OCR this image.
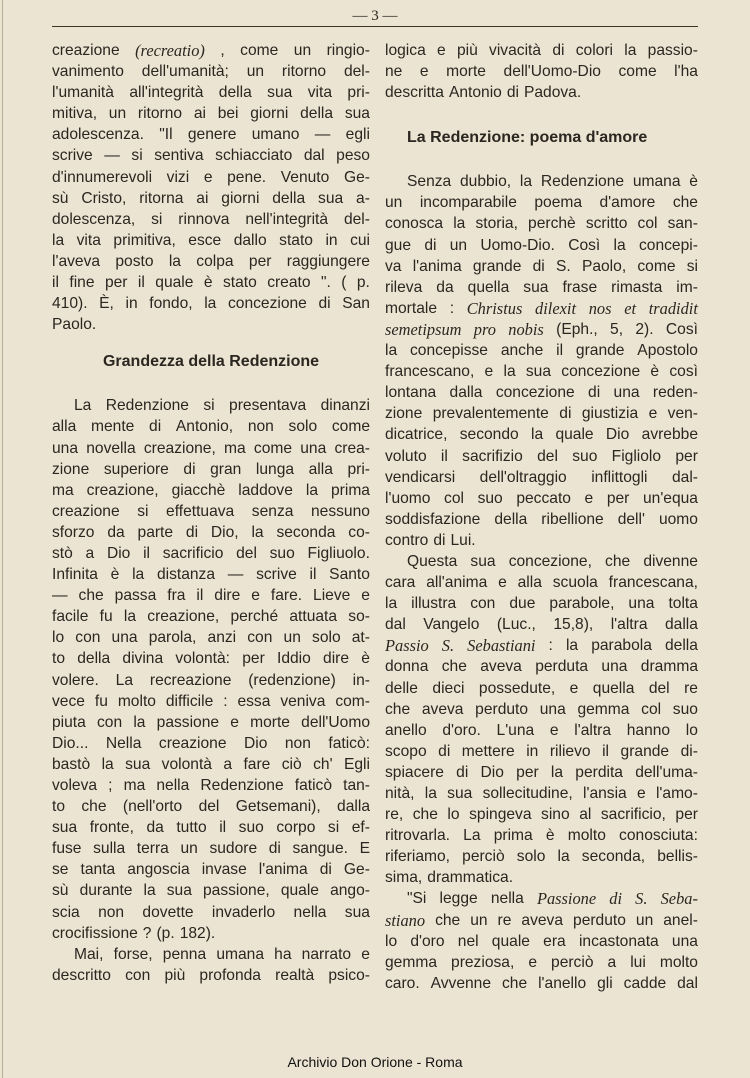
— 3 —
creazione (recreatio) , come un ringio-
vanimento dell'umanità; un ritorno del-
l'umanità all'integrità della sua vita pri-
mitiva, un ritorno ai bei giorni della sua
adolescenza. "Il genere umano — egli
scrive — si sentiva schiacciato dal peso
d'innumerevoli vizi e pene. Venuto Ge-
sù Cristo, ritorna ai giorni della sua a-
dolescenza, si rinnova nell'integrità del-
la vita primitiva, esce dallo stato in cui
l'aveva posto la colpa per raggiungere
il fine per il quale è stato creato ". ( p.
410). È, in fondo, la concezione di San
Paolo.
Grandezza della Redenzione
La Redenzione si presentava dinanzi
alla mente di Antonio, non solo come
una novella creazione, ma come una crea-
zione superiore di gran lunga alla pri-
ma creazione, giacchè laddove la prima
creazione si effettuava senza nessuno
sforzo da parte di Dio, la seconda co-
stò a Dio il sacrificio del suo Figliuolo.
Infinita è la distanza — scrive il Santo
— che passa fra il dire e fare. Lieve e
facile fu la creazione, perché attuata so-
lo con una parola, anzi con un solo at-
to della divina volontà: per Iddio dire è
volere. La recreazione (redenzione) in-
vece fu molto difficile : essa veniva com-
piuta con la passione e morte dell'Uomo
Dio... Nella creazione Dio non faticò:
bastò la sua volontà a fare ciò ch' Egli
voleva ; ma nella Redenzione faticò tan-
to che (nell'orto del Getsemani), dalla
sua fronte, da tutto il suo corpo si ef-
fuse sulla terra un sudore di sangue. E
se tanta angoscia invase l'anima di Ge-
sù durante la sua passione, quale ango-
scia non dovette invaderlo nella sua
crocifissione ? (p. 182).
Mai, forse, penna umana ha narrato e
descritto con più profonda realtà psico-
logica e più vivacità di colori la passio-
ne e morte dell'Uomo-Dio come l'ha
descritta Antonio di Padova.
La Redenzione: poema d'amore
Senza dubbio, la Redenzione umana è
un incomparabile poema d'amore che
conosca la storia, perchè scritto col san-
gue di un Uomo-Dio. Così la concepi-
va l'anima grande di S. Paolo, come si
rileva da quella sua frase rimasta im-
mortale : Christus dilexit nos et tradidit
semetipsum pro nobis (Eph., 5, 2). Così
la concepisse anche il grande Apostolo
francescano, e la sua concezione è così
lontana dalla concezione di una reden-
zione prevalentemente di giustizia e ven-
dicatrice, secondo la quale Dio avrebbe
voluto il sacrifizio del suo Figliolo per
vendicarsi dell'oltraggio inflittogli dal-
l'uomo col suo peccato e per un'equa
soddisfazione della ribellione dell' uomo
contro di Lui.
Questa sua concezione, che divenne
cara all'anima e alla scuola francescana,
la illustra con due parabole, una tolta
dal Vangelo (Luc., 15,8), l'altra dalla
Passio S. Sebastiani : la parabola della
donna che aveva perduta una dramma
delle dieci possedute, e quella del re
che aveva perduto una gemma col suo
anello d'oro. L'una e l'altra hanno lo
scopo di mettere in rilievo il grande di-
spiacere di Dio per la perdita dell'uma-
nità, la sua sollecitudine, l'ansia e l'amo-
re, che lo spingeva sino al sacrificio, per
ritrovarla. La prima è molto conosciuta:
riferiamo, perciò solo la seconda, bellis-
sima, drammatica.
"Si legge nella Passione di S. Seba-
stiano che un re aveva perduto un anel-
lo d'oro nel quale era incastonata una
gemma preziosa, e perciò a lui molto
caro. Avvenne che l'anello gli cadde dal
Archivio Don Orione - Roma
